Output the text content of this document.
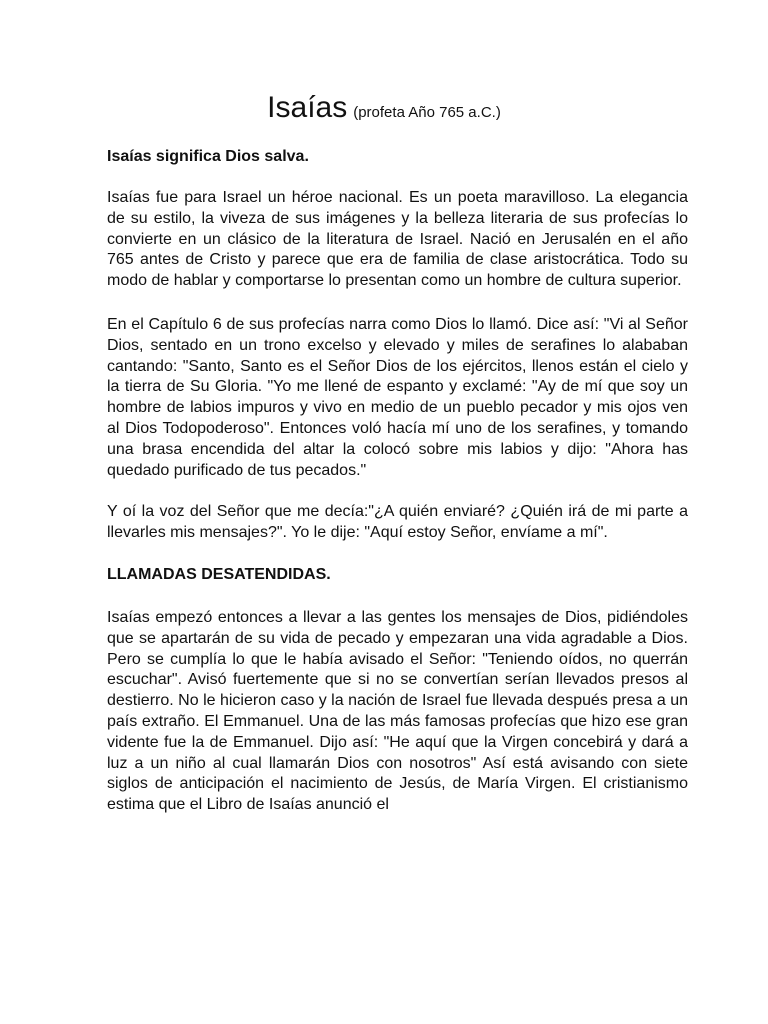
Isaías (profeta Año 765 a.C.)

Isaías significa Dios salva.

Isaías fue para Israel un héroe nacional. Es un poeta maravilloso. La elegancia de su estilo, la viveza de sus imágenes y la belleza literaria de sus profecías lo convierte en un clásico de la literatura de Israel. Nació en Jerusalén en el año 765 antes de Cristo y parece que era de familia de clase aristocrática. Todo su modo de hablar y comportarse lo presentan como un hombre de cultura superior.

En el Capítulo 6 de sus profecías narra como Dios lo llamó. Dice así: "Vi al Señor Dios, sentado en un trono excelso y elevado y miles de serafines lo alababan cantando: "Santo, Santo es el Señor Dios de los ejércitos, llenos están el cielo y la tierra de Su Gloria. "Yo me llené de espanto y exclamé: "Ay de mí que soy un hombre de labios impuros y vivo en medio de un pueblo pecador y mis ojos ven al Dios Todopoderoso". Entonces voló hacía mí uno de los serafines, y tomando una brasa encendida del altar la colocó sobre mis labios y dijo: "Ahora has quedado purificado de tus pecados."

Y oí la voz del Señor que me decía:"¿A quién enviaré? ¿Quién irá de mi parte a llevarles mis mensajes?". Yo le dije: "Aquí estoy Señor, envíame a mí".

LLAMADAS DESATENDIDAS.

Isaías empezó entonces a llevar a las gentes los mensajes de Dios, pidiéndoles que se apartarán de su vida de pecado y empezaran una vida agradable a Dios. Pero se cumplía lo que le había avisado el Señor: "Teniendo oídos, no querrán escuchar". Avisó fuertemente que si no se convertían serían llevados presos al destierro. No le hicieron caso y la nación de Israel fue llevada después presa a un país extraño. El Emmanuel. Una de las más famosas profecías que hizo ese gran vidente fue la de Emmanuel. Dijo así: "He aquí que la Virgen concebirá y dará a luz a un niño al cual llamarán Dios con nosotros" Así está avisando con siete siglos de anticipación el nacimiento de Jesús, de María Virgen. El cristianismo estima que el Libro de Isaías anunció el
